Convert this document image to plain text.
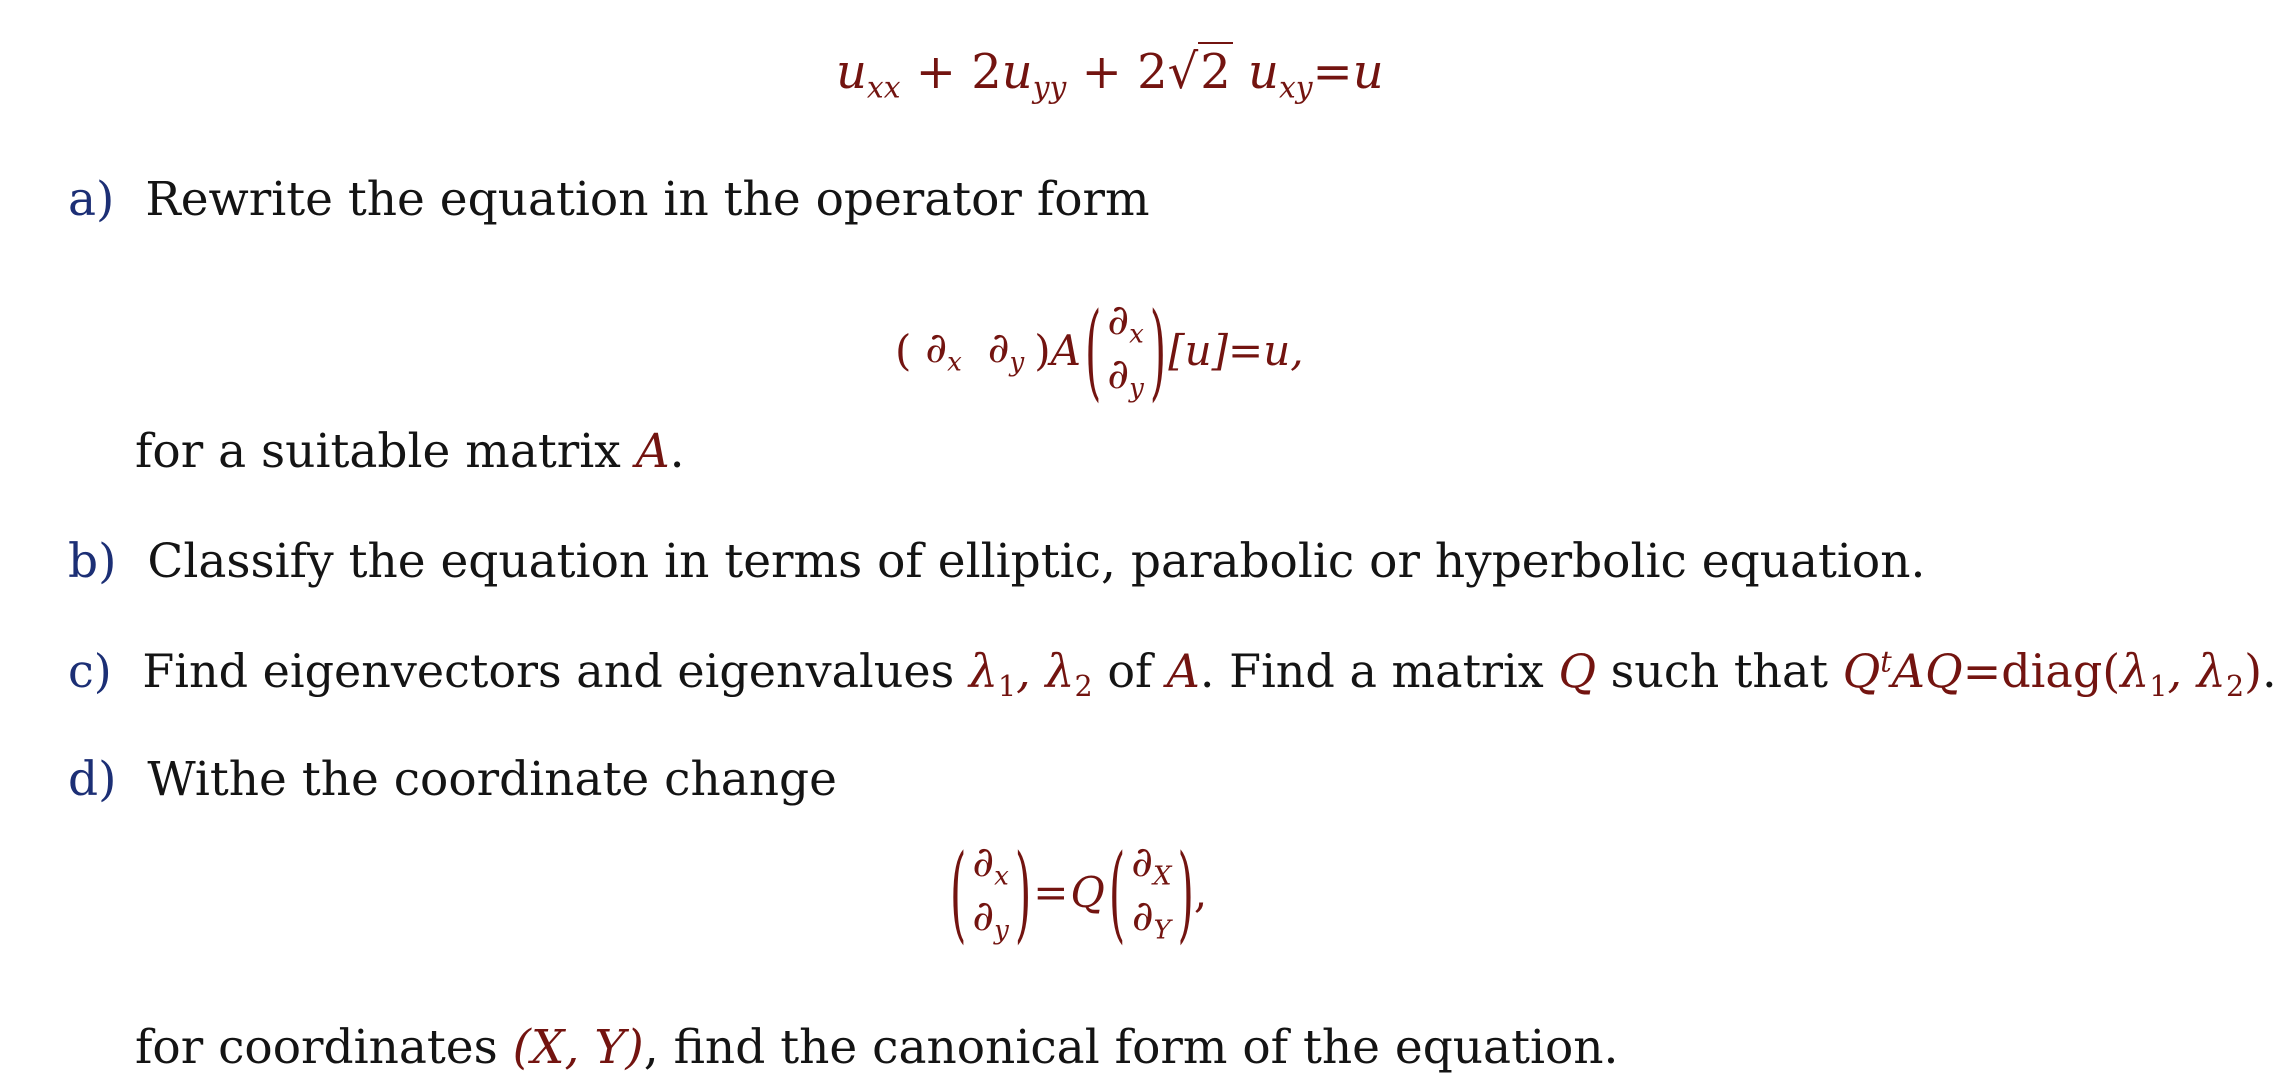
$u_{xx} + 2u_{yy} + 2√2$ $u_{xy}=u$
a) Rewrite the equation in the operator form
( $\partial_x$ $\partial_y$ ) A ( $\partial_x$
$\partial_y$ ) [u] = u,
for a suitable matrix A.
b) Classify the equation in terms of elliptic, parabolic or hyperbolic equation.
c) Find eigenvectors and eigenvalues $\lambda_1$, $\lambda_2$ of A. Find a matrix Q such that $Q^tAQ=diag(\lambda_1$, $\lambda_2$).
d) Withe the coordinate change
( $\partial_x$
$\partial_y$ ) = Q ( $\partial_X$
$\partial_Y$ ) ,
for coordinates (X, Y), find the canonical form of the equation.
